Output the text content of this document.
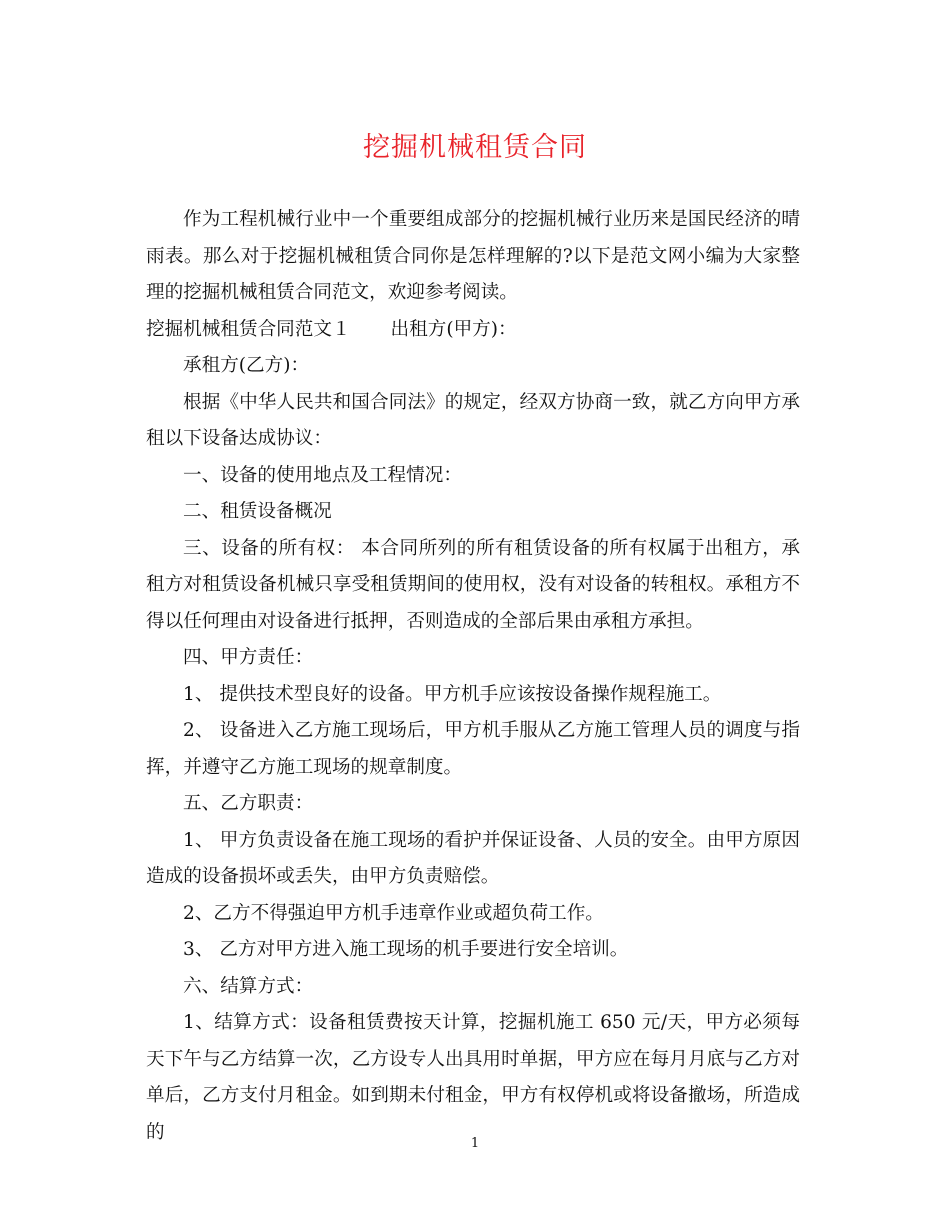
挖掘机械租赁合同

作为工程机械行业中一个重要组成部分的挖掘机械行业历来是国民经济的晴雨表。那么对于挖掘机械租赁合同你是怎样理解的?以下是范文网小编为大家整理的挖掘机械租赁合同范文，欢迎参考阅读。

挖掘机械租赁合同范文１ 出租方(甲方)：

承租方(乙方)：

根据《中华人民共和国合同法》的规定，经双方协商一致，就乙方向甲方承租以下设备达成协议：

一、设备的使用地点及工程情况：

二、租赁设备概况

三、设备的所有权： 本合同所列的所有租赁设备的所有权属于出租方，承租方对租赁设备机械只享受租赁期间的使用权，没有对设备的转租权。承租方不得以任何理由对设备进行抵押，否则造成的全部后果由承租方承担。

四、甲方责任：

1、 提供技术型良好的设备。甲方机手应该按设备操作规程施工。

2、 设备进入乙方施工现场后，甲方机手服从乙方施工管理人员的调度与指挥，并遵守乙方施工现场的规章制度。

五、乙方职责：

1、 甲方负责设备在施工现场的看护并保证设备、人员的安全。由甲方原因造成的设备损坏或丢失，由甲方负责赔偿。

2、乙方不得强迫甲方机手违章作业或超负荷工作。

3、 乙方对甲方进入施工现场的机手要进行安全培训。

六、结算方式：

1、结算方式：设备租赁费按天计算，挖掘机施工 650 元/天，甲方必须每天下午与乙方结算一次，乙方设专人出具用时单据，甲方应在每月月底与乙方对单后，乙方支付月租金。如到期未付租金，甲方有权停机或将设备撤场，所造成的

1
